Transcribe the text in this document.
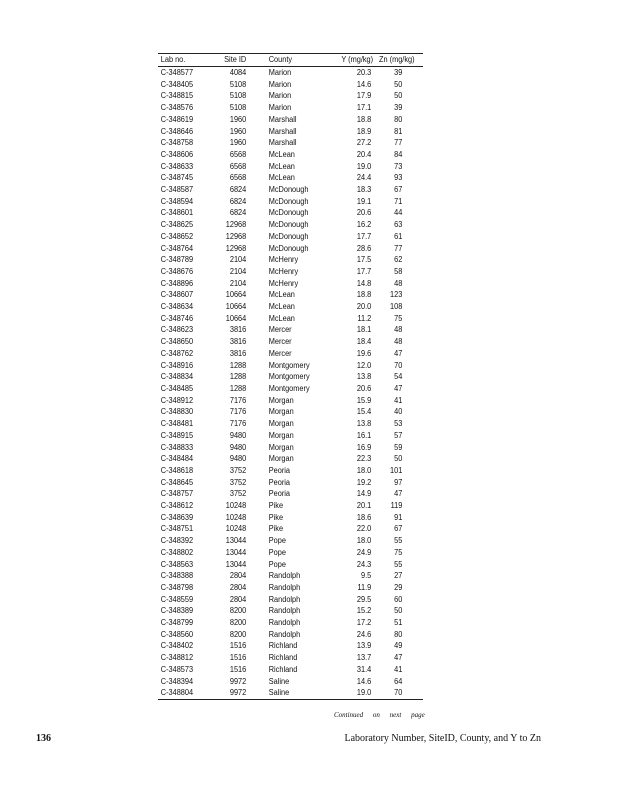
Lab no.	Site ID	County	Y (mg/kg)	Zn (mg/kg)
C-348577	4084	Marion	20.3	39
C-348405	5108	Marion	14.6	50
C-348815	5108	Marion	17.9	50
C-348576	5108	Marion	17.1	39
C-348619	1960	Marshall	18.8	80
C-348646	1960	Marshall	18.9	81
C-348758	1960	Marshall	27.2	77
C-348606	6568	McLean	20.4	84
C-348633	6568	McLean	19.0	73
C-348745	6568	McLean	24.4	93
C-348587	6824	McDonough	18.3	67
C-348594	6824	McDonough	19.1	71
C-348601	6824	McDonough	20.6	44
C-348625	12968	McDonough	16.2	63
C-348652	12968	McDonough	17.7	61
C-348764	12968	McDonough	28.6	77
C-348789	2104	McHenry	17.5	62
C-348676	2104	McHenry	17.7	58
C-348896	2104	McHenry	14.8	48
C-348607	10664	McLean	18.8	123
C-348634	10664	McLean	20.0	108
C-348746	10664	McLean	11.2	75
C-348623	3816	Mercer	18.1	48
C-348650	3816	Mercer	18.4	48
C-348762	3816	Mercer	19.6	47
C-348916	1288	Montgomery	12.0	70
C-348834	1288	Montgomery	13.8	54
C-348485	1288	Montgomery	20.6	47
C-348912	7176	Morgan	15.9	41
C-348830	7176	Morgan	15.4	40
C-348481	7176	Morgan	13.8	53
C-348915	9480	Morgan	16.1	57
C-348833	9480	Morgan	16.9	59
C-348484	9480	Morgan	22.3	50
C-348618	3752	Peoria	18.0	101
C-348645	3752	Peoria	19.2	97
C-348757	3752	Peoria	14.9	47
C-348612	10248	Pike	20.1	119
C-348639	10248	Pike	18.6	91
C-348751	10248	Pike	22.0	67
C-348392	13044	Pope	18.0	55
C-348802	13044	Pope	24.9	75
C-348563	13044	Pope	24.3	55
C-348388	2804	Randolph	9.5	27
C-348798	2804	Randolph	11.9	29
C-348559	2804	Randolph	29.5	60
C-348389	8200	Randolph	15.2	50
C-348799	8200	Randolph	17.2	51
C-348560	8200	Randolph	24.6	80
C-348402	1516	Richland	13.9	49
C-348812	1516	Richland	13.7	47
C-348573	1516	Richland	31.4	41
C-348394	9972	Saline	14.6	64
C-348804	9972	Saline	19.0	70
Continued on next page
136	Laboratory Number, SiteID, County, and Y to Zn
